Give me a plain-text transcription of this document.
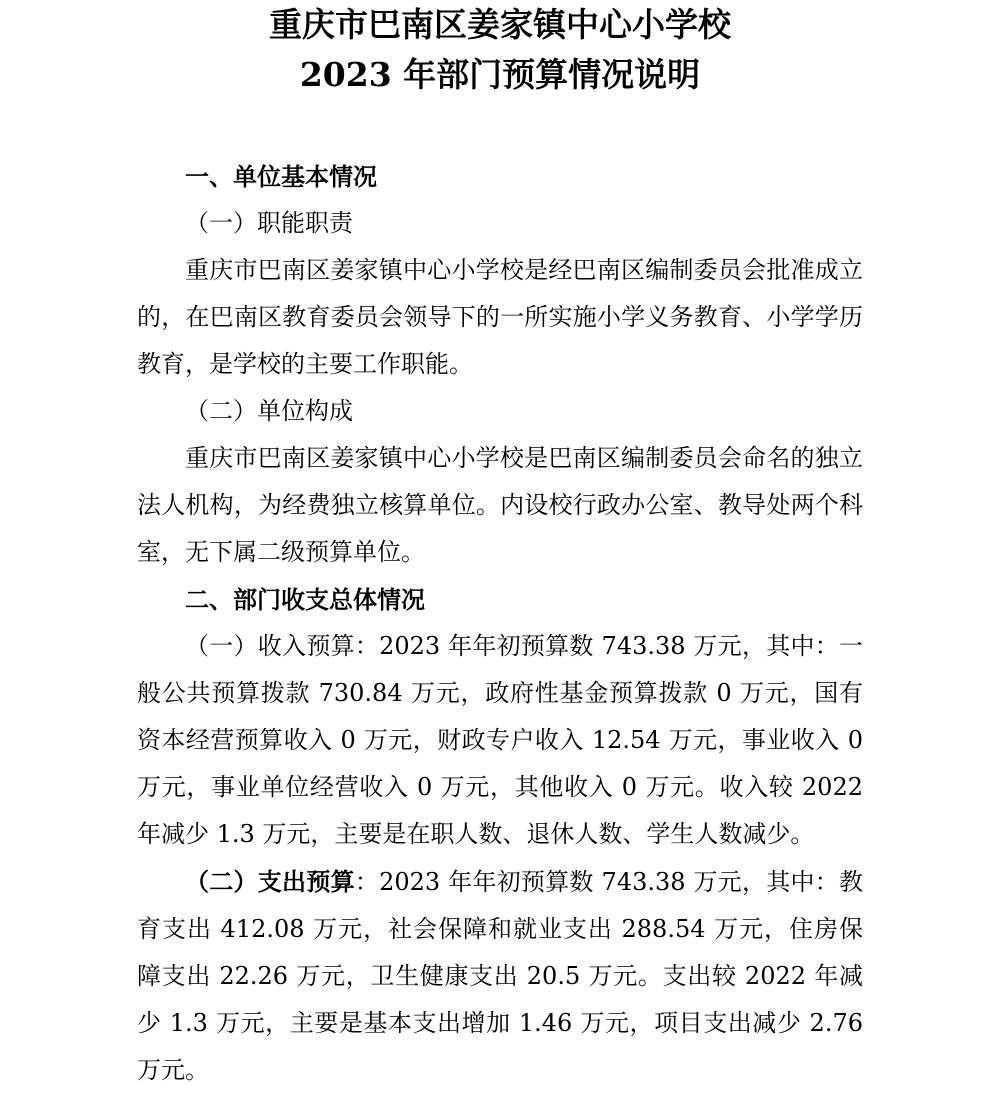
重庆市巴南区姜家镇中心小学校
2023 年部门预算情况说明

一、单位基本情况

（一）职能职责

重庆市巴南区姜家镇中心小学校是经巴南区编制委员会批准成立的，在巴南区教育委员会领导下的一所实施小学义务教育、小学学历教育，是学校的主要工作职能。

（二）单位构成

重庆市巴南区姜家镇中心小学校是巴南区编制委员会命名的独立法人机构，为经费独立核算单位。内设校行政办公室、教导处两个科室，无下属二级预算单位。

二、部门收支总体情况

（一）收入预算：2023 年年初预算数 743.38 万元，其中：一般公共预算拨款 730.84 万元，政府性基金预算拨款 0 万元，国有资本经营预算收入 0 万元，财政专户收入 12.54 万元，事业收入 0 万元，事业单位经营收入 0 万元，其他收入 0 万元。收入较 2022 年减少 1.3 万元，主要是在职人数、退休人数、学生人数减少。

（二）支出预算：2023 年年初预算数 743.38 万元，其中：教育支出 412.08 万元，社会保障和就业支出 288.54 万元，住房保障支出 22.26 万元，卫生健康支出 20.5 万元。支出较 2022 年减少 1.3 万元，主要是基本支出增加 1.46 万元，项目支出减少 2.76 万元。
